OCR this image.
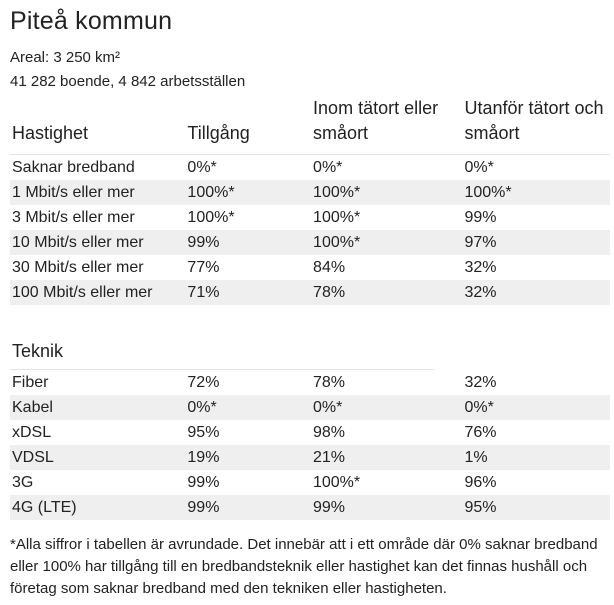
Piteå kommun
Areal: 3 250 km²
41 282 boende, 4 842 arbetsställen
Hastighet	Tillgång	Inom tätort eller småort	Utanför tätort och småort
Saknar bredband	0%*	0%*	0%*
1 Mbit/s eller mer	100%*	100%*	100%*
3 Mbit/s eller mer	100%*	100%*	99%
10 Mbit/s eller mer	99%	100%*	97%
30 Mbit/s eller mer	77%	84%	32%
100 Mbit/s eller mer	71%	78%	32%
Teknik
Fiber	72%	78%	32%
Kabel	0%*	0%*	0%*
xDSL	95%	98%	76%
VDSL	19%	21%	1%
3G	99%	100%*	96%
4G (LTE)	99%	99%	95%
*Alla siffror i tabellen är avrundade. Det innebär att i ett område där 0% saknar bredband eller 100% har tillgång till en bredbandsteknik eller hastighet kan det finnas hushåll och företag som saknar bredband med den tekniken eller hastigheten.
